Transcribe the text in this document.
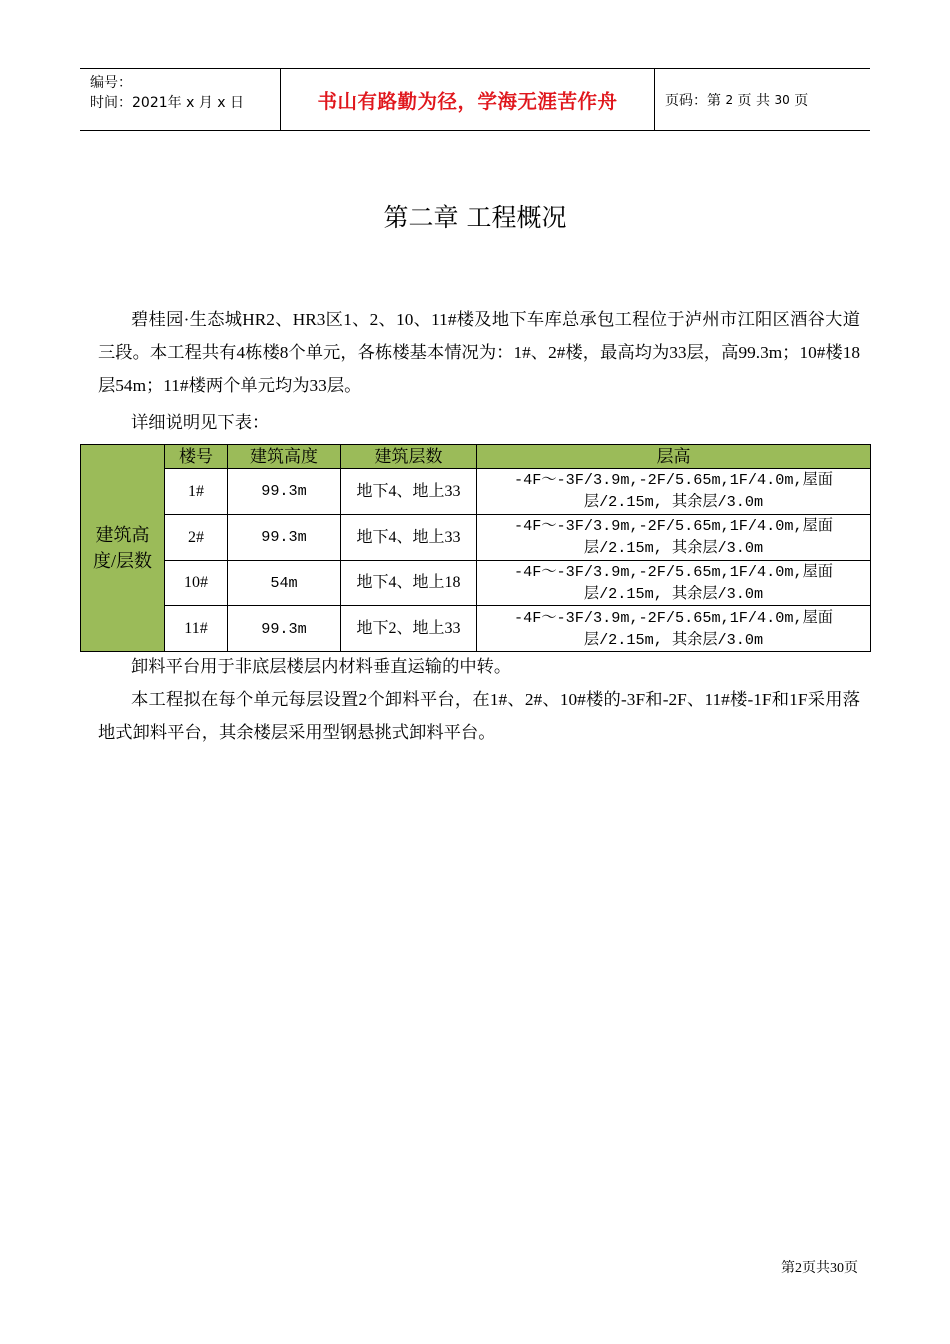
编号：
时间：2021年 x 月 x 日	书山有路勤为径，学海无涯苦作舟	页码：第
2
页 共
30
页
第二章 工程概况
碧桂园·生态城HR2、HR3区1、2、10、11#楼及地下车库总承包工程位于泸州市江阳区酒谷大道三段。本工程共有4栋楼8个单元，各栋楼基本情况为：1#、2#楼，最高均为33层，高99.3m；10#楼18层54m；11#楼两个单元均为33层。
详细说明见下表：
建筑高度/层数	楼号	建筑高度	建筑层数	层高
	1#	99.3m	地下4、地上33	-4F～-3F/3.9m,-2F/5.65m,1F/4.0m,屋面层/2.15m, 其余层/3.0m

	2#	99.3m	地下4、地上33	-4F～-3F/3.9m,-2F/5.65m,1F/4.0m,屋面层/2.15m, 其余层/3.0m

	10#	54m	地下4、地上18	-4F～-3F/3.9m,-2F/5.65m,1F/4.0m,屋面层/2.15m, 其余层/3.0m

	11#	99.3m	地下2、地上33	-4F～-3F/3.9m,-2F/5.65m,1F/4.0m,屋面层/2.15m, 其余层/3.0m
卸料平台用于非底层楼层内材料垂直运输的中转。
本工程拟在每个单元每层设置2个卸料平台，在1#、2#、10#楼的-3F和-2F、11#楼-1F和1F采用落地式卸料平台，其余楼层采用型钢悬挑式卸料平台。
第2页共30页
